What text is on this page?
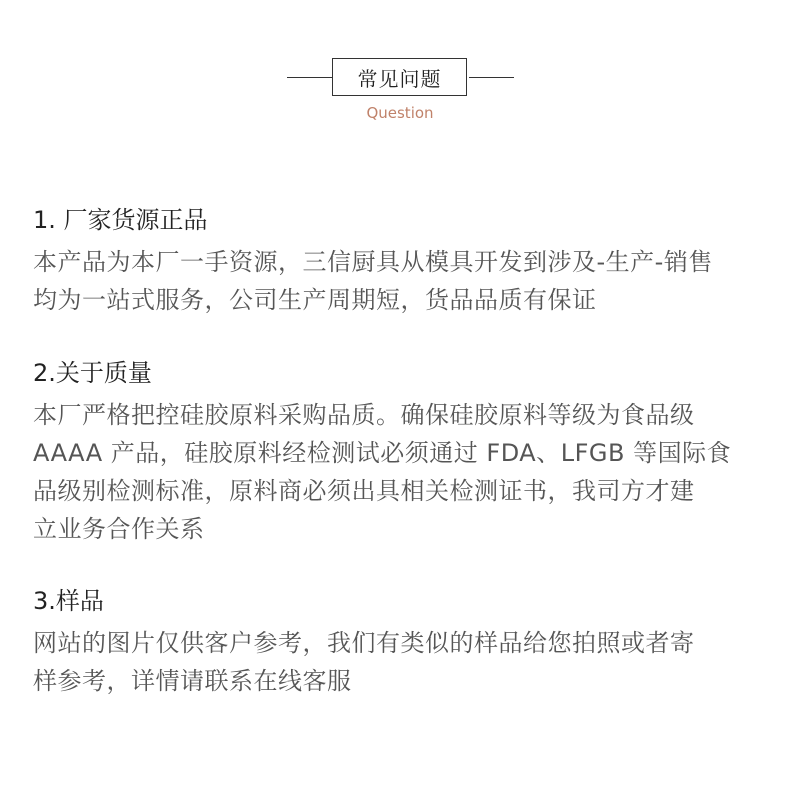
常见问题
Question
1. 厂家货源正品

本产品为本厂一手资源，三信厨具从模具开发到涉及-生产-销售
均为一站式服务，公司生产周期短，货品品质有保证

2.关于质量

本厂严格把控硅胶原料采购品质。确保硅胶原料等级为食品级
AAAA 产品，硅胶原料经检测试必须通过 FDA、LFGB 等国际食
品级别检测标准，原料商必须出具相关检测证书，我司方才建
立业务合作关系

3.样品

网站的图片仅供客户参考，我们有类似的样品给您拍照或者寄
样参考，详情请联系在线客服
